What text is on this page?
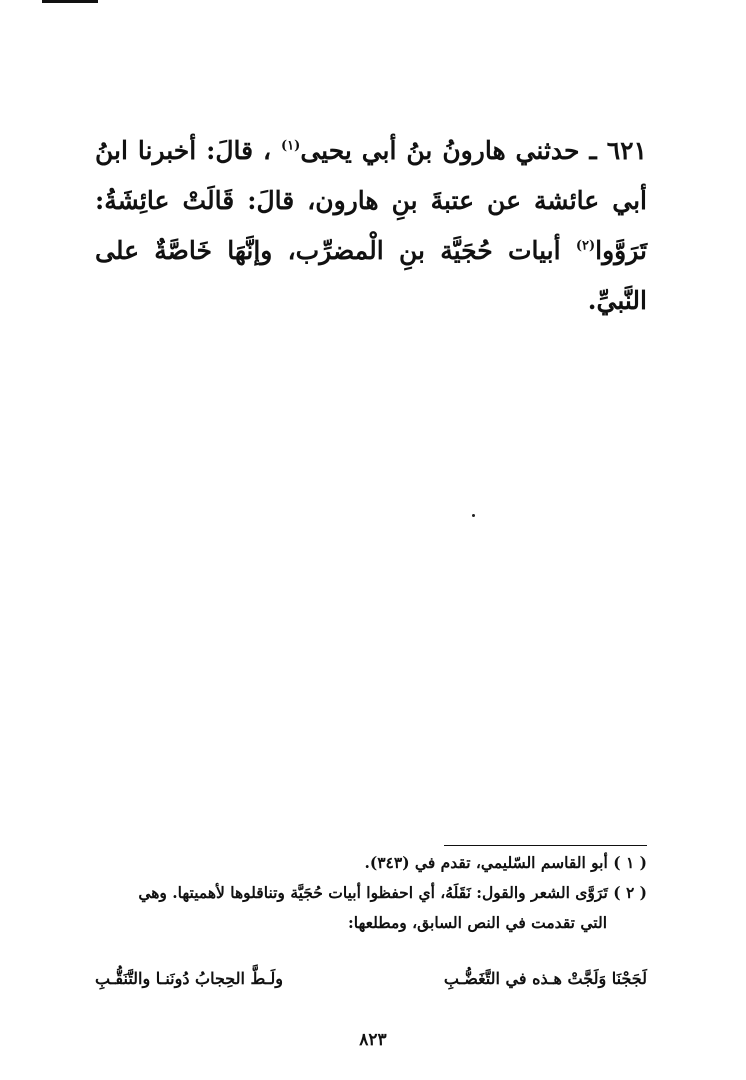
٦٢١ ـ حدثني هارونُ بنُ أبي يحيى$^{(١)}$ ، قالَ: أخبرنا ابنُ أبي عائشة عن عتبةَ بنِ هارون، قالَ: قَالَتْ عائِشَةُ: تَرَوَّوا$^{(٢)}$ أبيات حُجَيَّة بنِ الْمضرِّب، وإنَّهَا خَاصَّةٌ على النَّبيِّ.

( ١ ) أبو القاسم السّليمي، تقدم في (٣٤٣).

( ٢ ) تَرَوَّى الشعر والقول: نَقَلَهُ، أي احفظوا أبيات حُجَيَّة وتناقلوها لأهميتها. وهي

التي تقدمت في النص السابق، ومطلعها:

لَجَجْنَا وَلَجَّتْ هـذه في التَّغَضُّـبِ
ولَـطَّ الحِجابُ دُونَنـا والتَّنَقُّـبِ
٨٢٣
